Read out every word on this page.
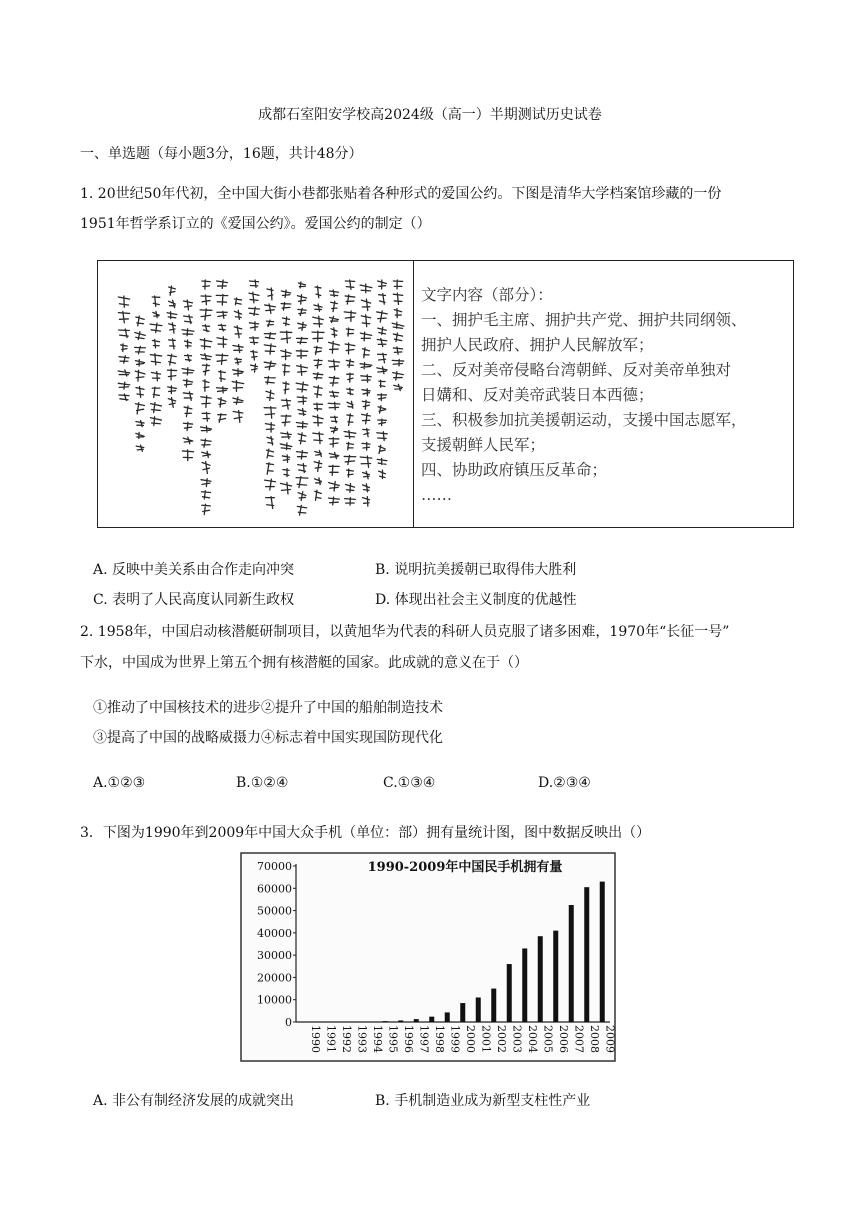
成都石室阳安学校高2024级（高一）半期测试历史试卷
一、单选题（每小题3分，16题，共计48分）
1. 20世纪50年代初，全中国大街小巷都张贴着各种形式的爱国公约。下图是清华大学档案馆珍藏的一份
1951年哲学系订立的《爱国公约》。爱国公约的制定（）
文字内容（部分）：
一、拥护毛主席、拥护共产党、拥护共同纲领、
拥护人民政府、拥护人民解放军；
二、反对美帝侵略台湾朝鲜、反对美帝单独对
日媾和、反对美帝武装日本西德；
三、积极参加抗美援朝运动，支援中国志愿军，
支援朝鲜人民军；
四、协助政府镇压反革命；
……
A. 反映中美关系由合作走向冲突	B. 说明抗美援朝已取得伟大胜利
C. 表明了人民高度认同新生政权	D. 体现出社会主义制度的优越性
2. 1958年，中国启动核潜艇研制项目，以黄旭华为代表的科研人员克服了诸多困难，1970年“长征一号”
下水，中国成为世界上第五个拥有核潜艇的国家。此成就的意义在于（）
①推动了中国核技术的进步②提升了中国的船舶制造技术
③提高了中国的战略威摄力④标志着中国实现国防现代化
A.①②③	B.①②④	C.①③④	D.②③④
3．下图为1990年到2009年中国大众手机（单位：部）拥有量统计图，图中数据反映出（）
1990-2009年中国民手机拥有量
0
10000
20000
30000
40000
50000
60000
70000
1990 1991 1992 1993 1994 1995 1996 1997 1998 1999 2000 2001 2002 2003 2004 2005 2006 2007 2008 2009
A. 非公有制经济发展的成就突出	B. 手机制造业成为新型支柱性产业
